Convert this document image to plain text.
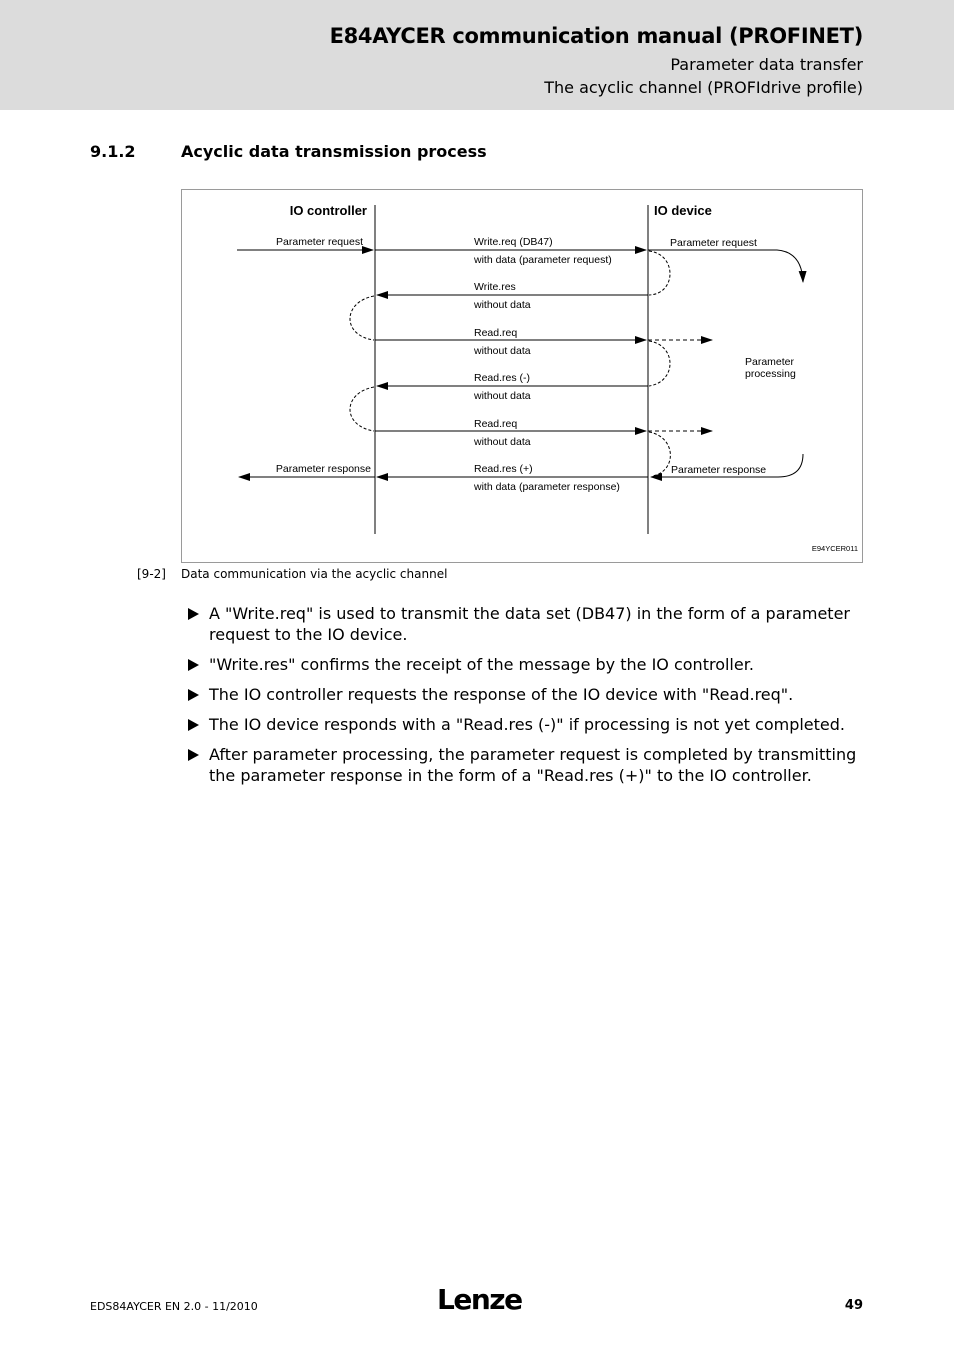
E84AYCER communication manual (PROFINET)
Parameter data transfer
The acyclic channel (PROFIdrive profile)
9.1.2	Acyclic data transmission process
IO controller	IO device
Parameter request	Write.req (DB47)
with data (parameter request)
Parameter request
Write.res
without data
Read.req
without data
Parameter
processing
Read.res (-)
without data
Read.req
without data
Parameter response
Read.res (+)
with data (parameter response)
Parameter response
E94YCER011
[9-2] Data communication via the acyclic channel
A "Write.req" is used to transmit the data set (DB47) in the form of a parameter request to the IO device.
"Write.res" confirms the receipt of the message by the IO controller.
The IO controller requests the response of the IO device with "Read.req".
The IO device responds with a "Read.res (-)" if processing is not yet completed.
After parameter processing, the parameter request is completed by transmitting the parameter response in the form of a "Read.res (+)" to the IO controller.
EDS84AYCER EN 2.0 - 11/2010	Lenze	49
